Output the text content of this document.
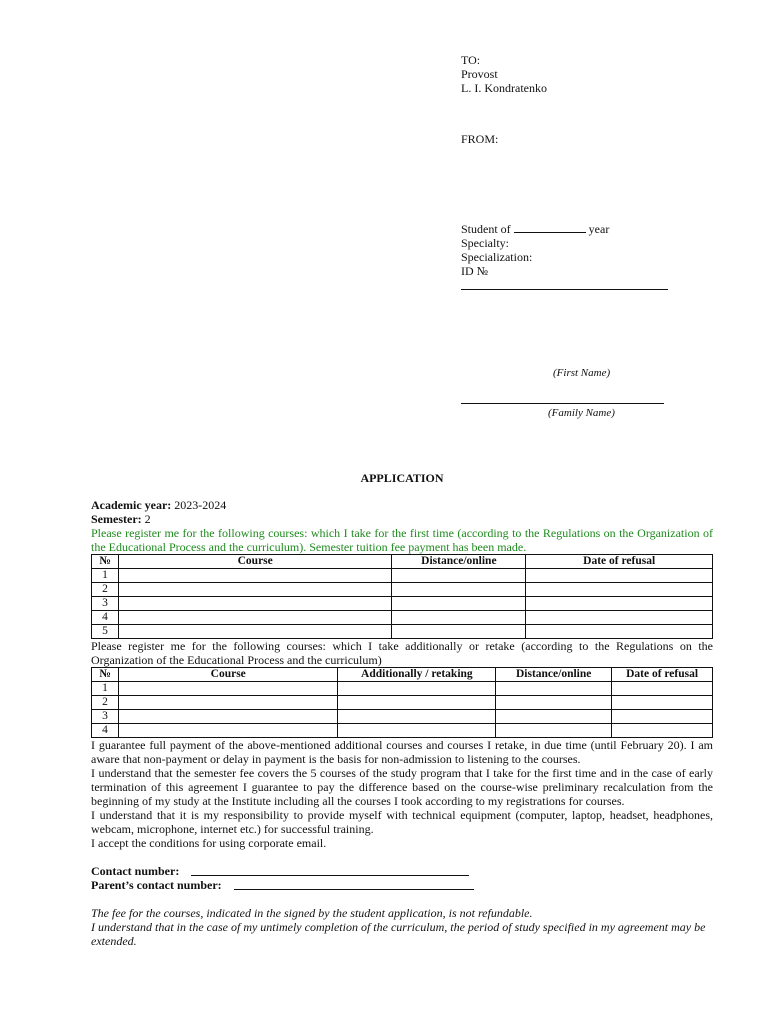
TO:
Provost
L. I. Kondratenko
FROM:
Student of	year
Specialty:
Specialization:
ID №
(First Name)
(Family Name)
APPLICATION
Academic year: 2023-2024
Semester: 2
Please register me for the following courses: which I take for the first time (according to the Regulations on the Organization of the Educational Process and the curriculum). Semester tuition fee payment has been made.
№	Course	Distance/online	Date of refusal
1			
2			
3			
4			
5			
Please register me for the following courses: which I take additionally or retake (according to the Regulations on the Organization of the Educational Process and the curriculum)
№	Course	Additionally / retaking	Distance/online	Date of refusal
1				
2				
3				
4				
I guarantee full payment of the above-mentioned additional courses and courses I retake, in due time (until February 20). I am aware that non-payment or delay in payment is the basis for non-admission to listening to the courses.
I understand that the semester fee covers the 5 courses of the study program that I take for the first time and in the case of early termination of this agreement I guarantee to pay the difference based on the course-wise preliminary recalculation from the beginning of my study at the Institute including all the courses I took according to my registrations for courses.
I understand that it is my responsibility to provide myself with technical equipment (computer, laptop, headset, headphones, webcam, microphone, internet etc.) for successful training.
I accept the conditions for using corporate email.
Contact number:
Parent’s contact number:
The fee for the courses, indicated in the signed by the student application, is not refundable.
I understand that in the case of my untimely completion of the curriculum, the period of study specified in my agreement may be extended.
